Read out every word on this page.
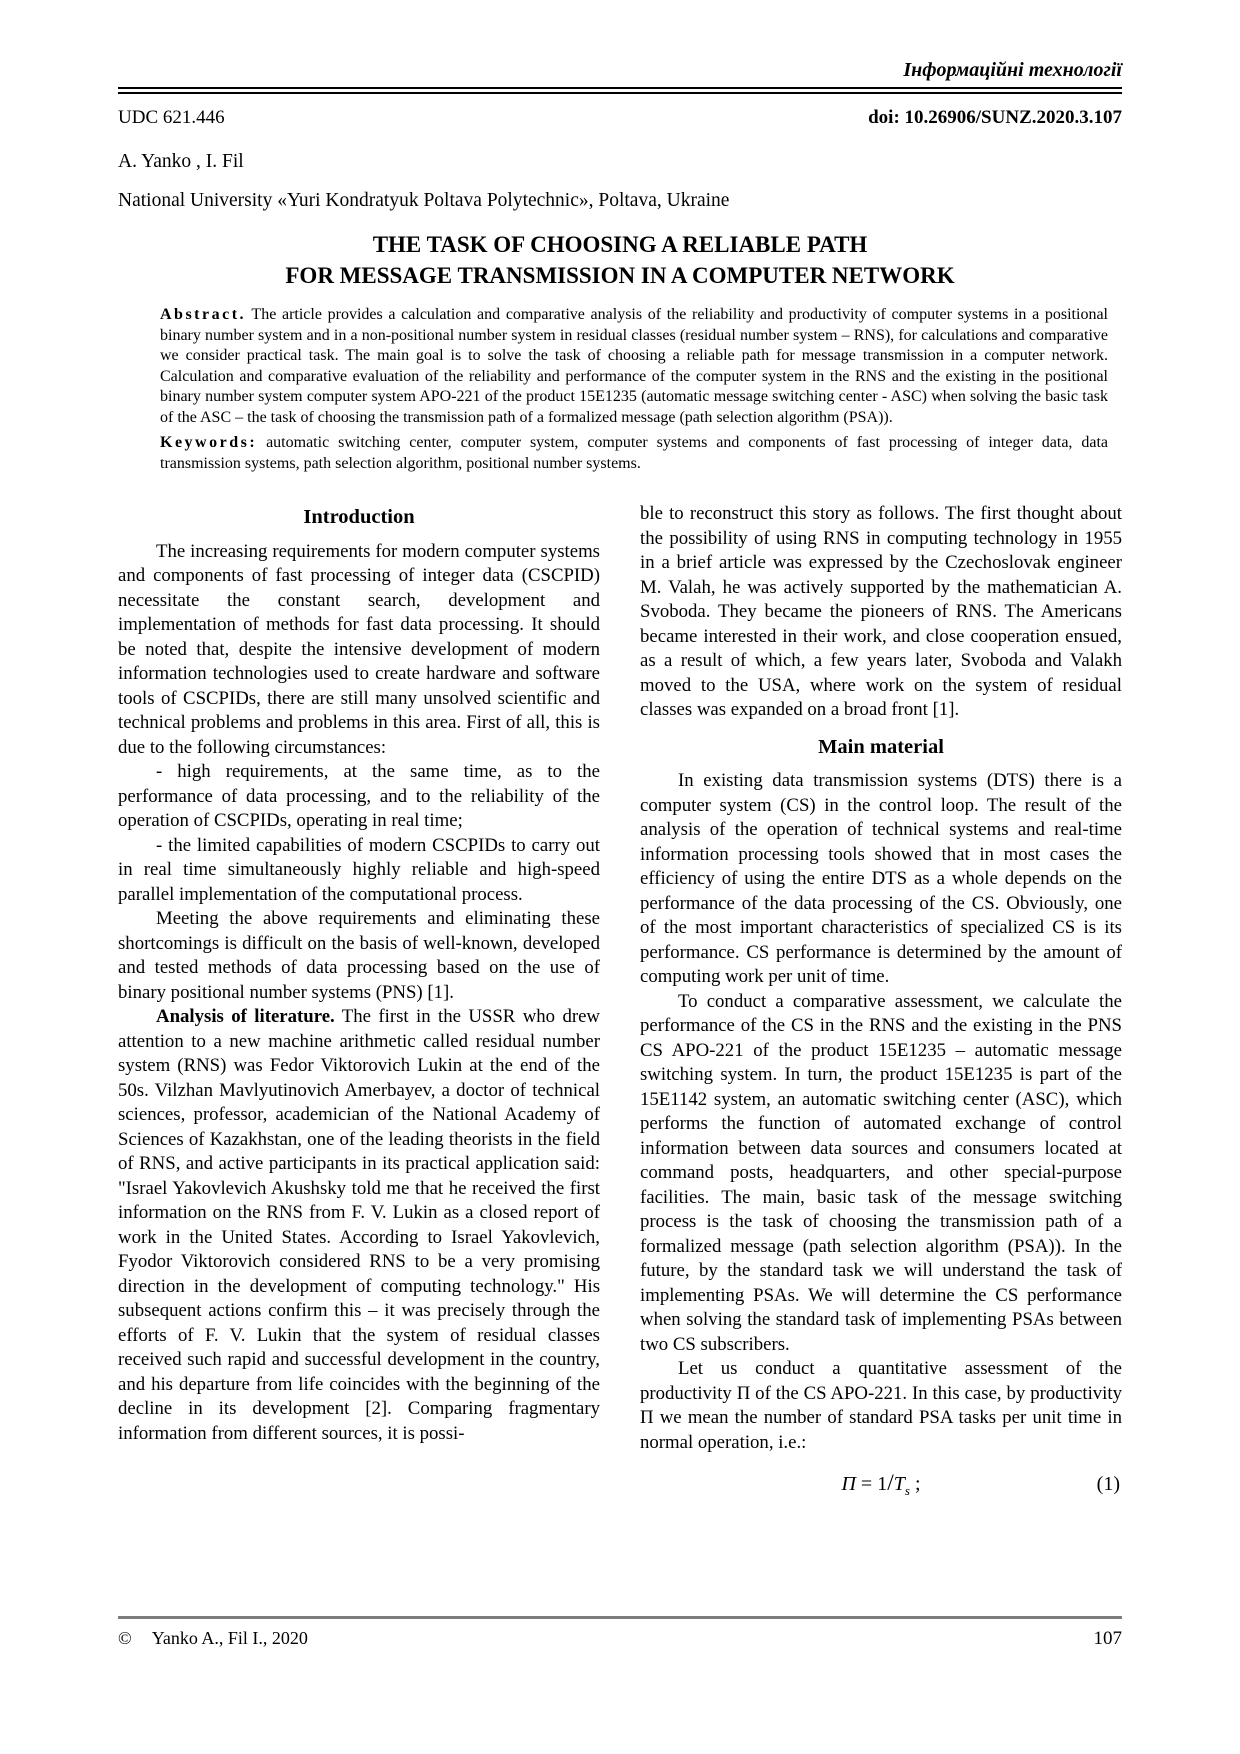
Інформаційні технології
UDC 621.446	doi: 10.26906/SUNZ.2020.3.107
A. Yanko , I. Fil
National University «Yuri Kondratyuk Poltava Polytechnic», Poltava, Ukraine
THE TASK OF CHOOSING A RELIABLE PATH
FOR MESSAGE TRANSMISSION IN A COMPUTER NETWORK

Abstract. The article provides a calculation and comparative analysis of the reliability and productivity of computer systems in a positional binary number system and in a non-positional number system in residual classes (residual number system – RNS), for calculations and comparative we consider practical task. The main goal is to solve the task of choosing a reliable path for message transmission in a computer network. Calculation and comparative evaluation of the reliability and performance of the computer system in the RNS and the existing in the positional binary number system computer system APO-221 of the product 15E1235 (automatic message switching center - ASC) when solving the basic task of the ASC – the task of choosing the transmission path of a formalized message (path selection algorithm (PSA)).

Keywords: automatic switching center, computer system, computer systems and components of fast processing of integer data, data transmission systems, path selection algorithm, positional number systems.

Introduction

The increasing requirements for modern computer systems and components of fast processing of integer data (CSCPID) necessitate the constant search, development and implementation of methods for fast data processing. It should be noted that, despite the intensive development of modern information technologies used to create hardware and software tools of CSCPIDs, there are still many unsolved scientific and technical problems and problems in this area. First of all, this is due to the following circumstances:

- high requirements, at the same time, as to the performance of data processing, and to the reliability of the operation of CSCPIDs, operating in real time;

- the limited capabilities of modern CSCPIDs to carry out in real time simultaneously highly reliable and high-speed parallel implementation of the computational process.

Meeting the above requirements and eliminating these shortcomings is difficult on the basis of well-known, developed and tested methods of data processing based on the use of binary positional number systems (PNS) [1].

Analysis of literature. The first in the USSR who drew attention to a new machine arithmetic called residual number system (RNS) was Fedor Viktorovich Lukin at the end of the 50s. Vilzhan Mavlyutinovich Amerbayev, a doctor of technical sciences, professor, academician of the National Academy of Sciences of Kazakhstan, one of the leading theorists in the field of RNS, and active participants in its practical application said: "Israel Yakovlevich Akushsky told me that he received the first information on the RNS from F. V. Lukin as a closed report of work in the United States. According to Israel Yakovlevich, Fyodor Viktorovich considered RNS to be a very promising direction in the development of computing technology." His subsequent actions confirm this – it was precisely through the efforts of F. V. Lukin that the system of residual classes received such rapid and successful development in the country, and his departure from life coincides with the beginning of the decline in its development [2]. Comparing fragmentary information from different sources, it is possi-

ble to reconstruct this story as follows. The first thought about the possibility of using RNS in computing technology in 1955 in a brief article was expressed by the Czechoslovak engineer M. Valah, he was actively supported by the mathematician A. Svoboda. They became the pioneers of RNS. The Americans became interested in their work, and close cooperation ensued, as a result of which, a few years later, Svoboda and Valakh moved to the USA, where work on the system of residual classes was expanded on a broad front [1].

Main material

In existing data transmission systems (DTS) there is a computer system (CS) in the control loop. The result of the analysis of the operation of technical systems and real-time information processing tools showed that in most cases the efficiency of using the entire DTS as a whole depends on the performance of the data processing of the CS. Obviously, one of the most important characteristics of specialized CS is its performance. CS performance is determined by the amount of computing work per unit of time.

To conduct a comparative assessment, we calculate the performance of the CS in the RNS and the existing in the PNS CS APO-221 of the product 15E1235 – automatic message switching system. In turn, the product 15E1235 is part of the 15E1142 system, an automatic switching center (ASC), which performs the function of automated exchange of control information between data sources and consumers located at command posts, headquarters, and other special-purpose facilities. The main, basic task of the message switching process is the task of choosing the transmission path of a formalized message (path selection algorithm (PSA)). In the future, by the standard task we will understand the task of implementing PSAs. We will determine the CS performance when solving the standard task of implementing PSAs between two CS subscribers.

Let us conduct a quantitative assessment of the productivity Π of the CS APO-221. In this case, by productivity Π we mean the number of standard PSA tasks per unit time in normal operation, i.e.:

$\Pi = 1/T_s$ ;	(1)
© Yanko A., Fil I., 2020	107
